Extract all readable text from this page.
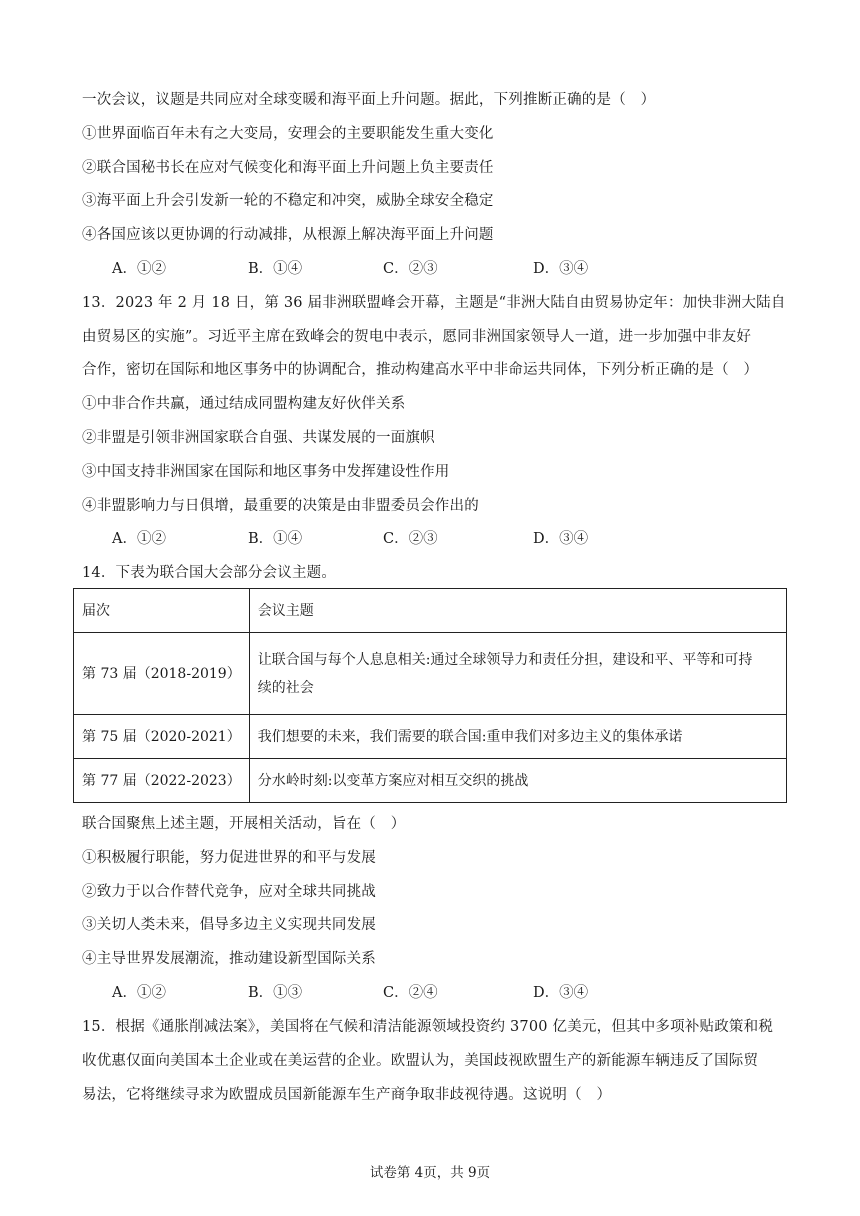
一次会议，议题是共同应对全球变暖和海平面上升问题。据此，下列推断正确的是（　）
①世界面临百年未有之大变局，安理会的主要职能发生重大变化
②联合国秘书长在应对气候变化和海平面上升问题上负主要责任
③海平面上升会引发新一轮的不稳定和冲突，威胁全球安全稳定
④各国应该以更协调的行动减排，从根源上解决海平面上升问题
A．①②	B．①④	C．②③	D．③④
13．2023 年 2 月 18 日，第 36 届非洲联盟峰会开幕，主题是“非洲大陆自由贸易协定年：加快非洲大陆自
由贸易区的实施”。习近平主席在致峰会的贺电中表示，愿同非洲国家领导人一道，进一步加强中非友好
合作，密切在国际和地区事务中的协调配合，推动构建高水平中非命运共同体，下列分析正确的是（　）
①中非合作共赢，通过结成同盟构建友好伙伴关系
②非盟是引领非洲国家联合自强、共谋发展的一面旗帜
③中国支持非洲国家在国际和地区事务中发挥建设性作用
④非盟影响力与日俱增，最重要的决策是由非盟委员会作出的
A．①②	B．①④	C．②③	D．③④
14．下表为联合国大会部分会议主题。
届次	会议主题
第 73 届（2018-2019）	让联合国与每个人息息相关:通过全球领导力和责任分担，建设和平、平等和可持
续的社会

第 75 届（2020-2021）	我们想要的未来，我们需要的联合国:重申我们对多边主义的集体承诺
第 77 届（2022-2023）	分水岭时刻:以变革方案应对相互交织的挑战
联合国聚焦上述主题，开展相关活动，旨在（　）
①积极履行职能，努力促进世界的和平与发展
②致力于以合作替代竞争，应对全球共同挑战
③关切人类未来，倡导多边主义实现共同发展
④主导世界发展潮流，推动建设新型国际关系
A．①②	B．①③	C．②④	D．③④
15．根据《通胀削减法案》，美国将在气候和清洁能源领域投资约 3700 亿美元，但其中多项补贴政策和税
收优惠仅面向美国本土企业或在美运营的企业。欧盟认为，美国歧视欧盟生产的新能源车辆违反了国际贸
易法，它将继续寻求为欧盟成员国新能源车生产商争取非歧视待遇。这说明（　）
试卷第 4页，共 9页
